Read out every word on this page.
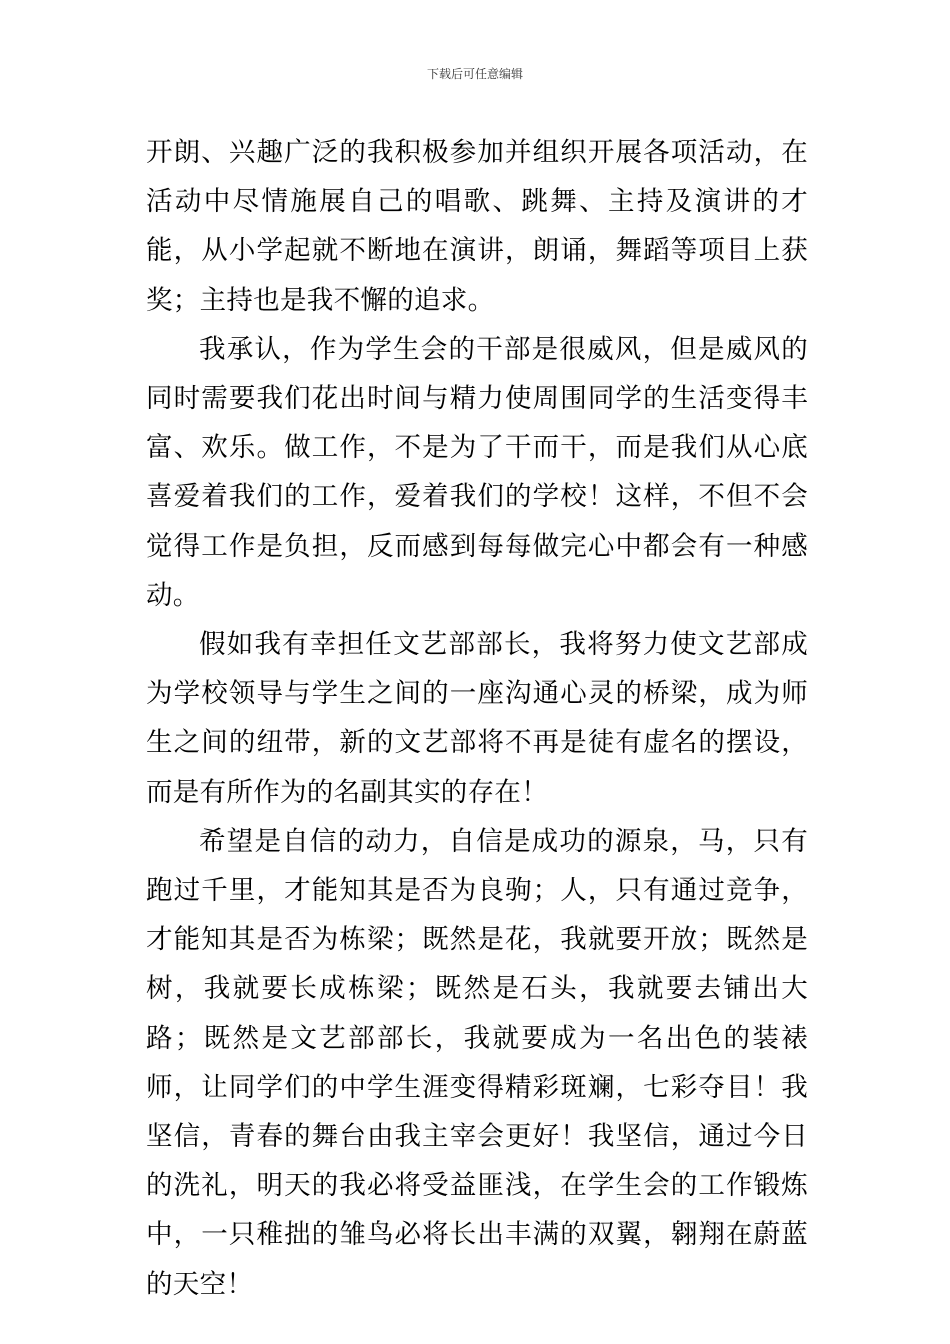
下载后可任意编辑

开朗、兴趣广泛的我积极参加并组织开展各项活动，在活动中尽情施展自己的唱歌、跳舞、主持及演讲的才能，从小学起就不断地在演讲，朗诵，舞蹈等项目上获奖；主持也是我不懈的追求。

我承认，作为学生会的干部是很威风，但是威风的同时需要我们花出时间与精力使周围同学的生活变得丰富、欢乐。做工作，不是为了干而干，而是我们从心底喜爱着我们的工作，爱着我们的学校！这样，不但不会觉得工作是负担，反而感到每每做完心中都会有一种感动。

假如我有幸担任文艺部部长，我将努力使文艺部成为学校领导与学生之间的一座沟通心灵的桥梁，成为师生之间的纽带，新的文艺部将不再是徒有虚名的摆设，而是有所作为的名副其实的存在！

希望是自信的动力，自信是成功的源泉，马，只有跑过千里，才能知其是否为良驹；人，只有通过竞争，才能知其是否为栋梁；既然是花，我就要开放；既然是树，我就要长成栋梁；既然是石头，我就要去铺出大路；既然是文艺部部长，我就要成为一名出色的装裱师，让同学们的中学生涯变得精彩斑斓，七彩夺目！我坚信，青春的舞台由我主宰会更好！我坚信，通过今日的洗礼，明天的我必将受益匪浅，在学生会的工作锻炼中，一只稚拙的雏鸟必将长出丰满的双翼，翱翔在蔚蓝的天空！
